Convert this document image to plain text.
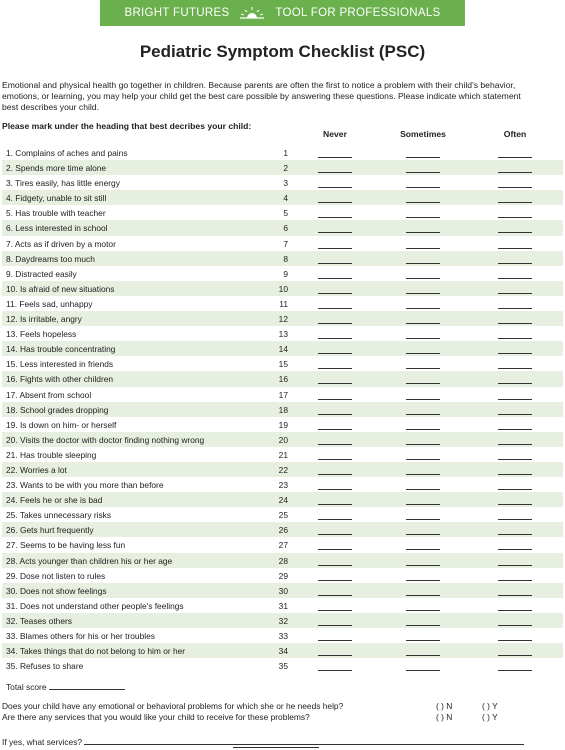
BRIGHT FUTURES	TOOL FOR PROFESSIONALS
Pediatric Symptom Checklist (PSC)
Emotional and physical health go together in children. Because parents are often the first to notice a problem with their child's behavior, emotions, or learning, you may help your child get the best care possible by answering these questions. Please indicate which statement best describes your child.
Please mark under the heading that best decribes your child:
Never	Sometimes	Often
1. Complains of aches and pains	1
2. Spends more time alone	2
3. Tires easily, has little energy	3
4. Fidgety, unable to sit still	4
5. Has trouble with teacher	5
6. Less interested in school	6
7. Acts as if driven by a motor	7
8. Daydreams too much	8
9. Distracted easily	9
10. Is afraid of new situations	10
11. Feels sad, unhappy	11
12. Is irritable, angry	12
13. Feels hopeless	13
14. Has trouble concentrating	14
15. Less interested in friends	15
16. Fights with other children	16
17. Absent from school	17
18. School grades dropping	18
19. Is down on him- or herself	19
20. Visits the doctor with doctor finding nothing wrong	20
21. Has trouble sleeping	21
22. Worries a lot	22
23. Wants to be with you more than before	23
24. Feels he or she is bad	24
25. Takes unnecessary risks	25
26. Gets hurt frequently	26
27. Seems to be having less fun	27
28. Acts younger than children his or her age	28
29. Dose not listen to rules	29
30. Does not show feelings	30
31. Does not understand other people's feelings	31
32. Teases others	32
33. Blames others for his or her troubles	33
34. Takes things that do not belong to him or her	34
35. Refuses to share	35
Total score
Does your child have any emotional or behavioral problems for which she or he needs help?	( ) N	( ) Y
Are there any services that you would like your child to receive for these problems?	( ) N	( ) Y
If yes, what services?
